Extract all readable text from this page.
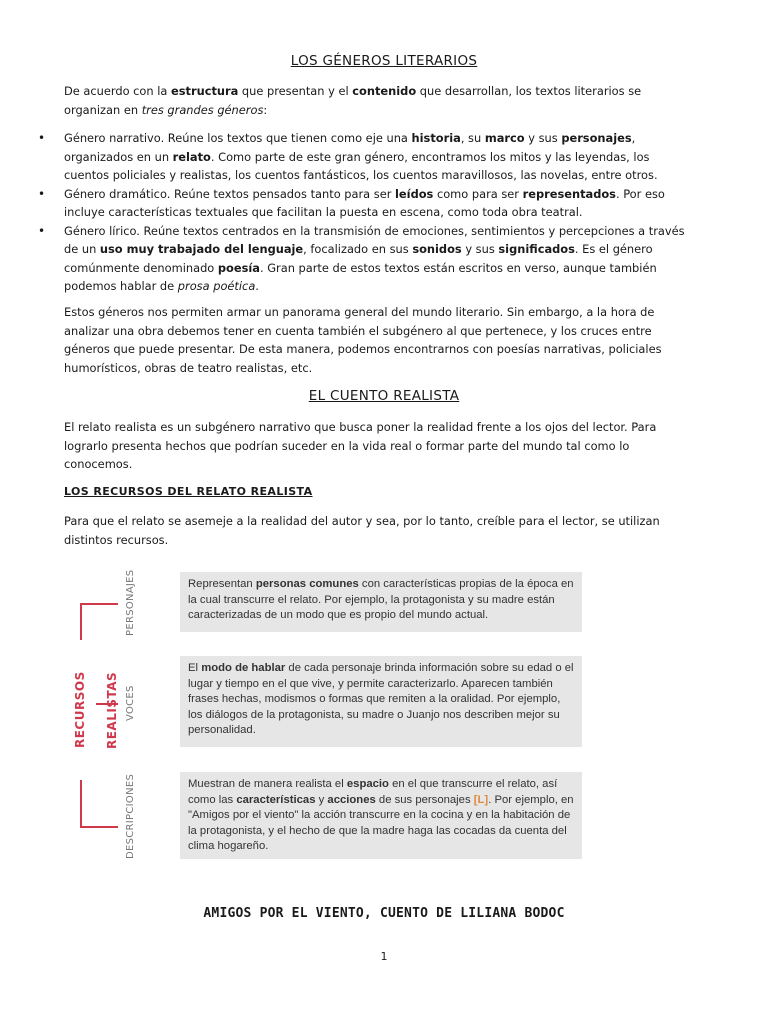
LOS GÉNEROS LITERARIOS

De acuerdo con la estructura que presentan y el contenido que desarrollan, los textos literarios se organizan en tres grandes géneros:

• Género narrativo. Reúne los textos que tienen como eje una historia, su marco y sus personajes, organizados en un relato. Como parte de este gran género, encontramos los mitos y las leyendas, los cuentos policiales y realistas, los cuentos fantásticos, los cuentos maravillosos, las novelas, entre otros.
• Género dramático. Reúne textos pensados tanto para ser leídos como para ser representados. Por eso incluye características textuales que facilitan la puesta en escena, como toda obra teatral.
• Género lírico. Reúne textos centrados en la transmisión de emociones, sentimientos y percepciones a través de un uso muy trabajado del lenguaje, focalizado en sus sonidos y sus significados. Es el género comúnmente denominado poesía. Gran parte de estos textos están escritos en verso, aunque también podemos hablar de prosa poética.

Estos géneros nos permiten armar un panorama general del mundo literario. Sin embargo, a la hora de analizar una obra debemos tener en cuenta también el subgénero al que pertenece, y los cruces entre géneros que puede presentar. De esta manera, podemos encontrarnos con poesías narrativas, policiales humorísticos, obras de teatro realistas, etc.

EL CUENTO REALISTA

El relato realista es un subgénero narrativo que busca poner la realidad frente a los ojos del lector. Para lograrlo presenta hechos que podrían suceder en la vida real o formar parte del mundo tal como lo conocemos.

LOS RECURSOS DEL RELATO REALISTA

Para que el relato se asemeje a la realidad del autor y sea, por lo tanto, creíble para el lector, se utilizan distintos recursos.

RECURSOS REALISTAS
PERSONAJES
VOCES
DESCRIPCIONES
Representan personas comunes con características propias de la época en la cual transcurre el relato. Por ejemplo, la protagonista y su madre están caracterizadas de un modo que es propio del mundo actual.
El modo de hablar de cada personaje brinda información sobre su edad o el lugar y tiempo en el que vive, y permite caracterizarlo. Aparecen también frases hechas, modismos o formas que remiten a la oralidad. Por ejemplo, los diálogos de la protagonista, su madre o Juanjo nos describen mejor su personalidad.
Muestran de manera realista el espacio en el que transcurre el relato, así como las características y acciones de sus personajes [L]. Por ejemplo, en "Amigos por el viento" la acción transcurre en la cocina y en la habitación de la protagonista, y el hecho de que la madre haga las cocadas da cuenta del clima hogareño.
AMIGOS POR EL VIENTO, CUENTO DE LILIANA BODOC
1
